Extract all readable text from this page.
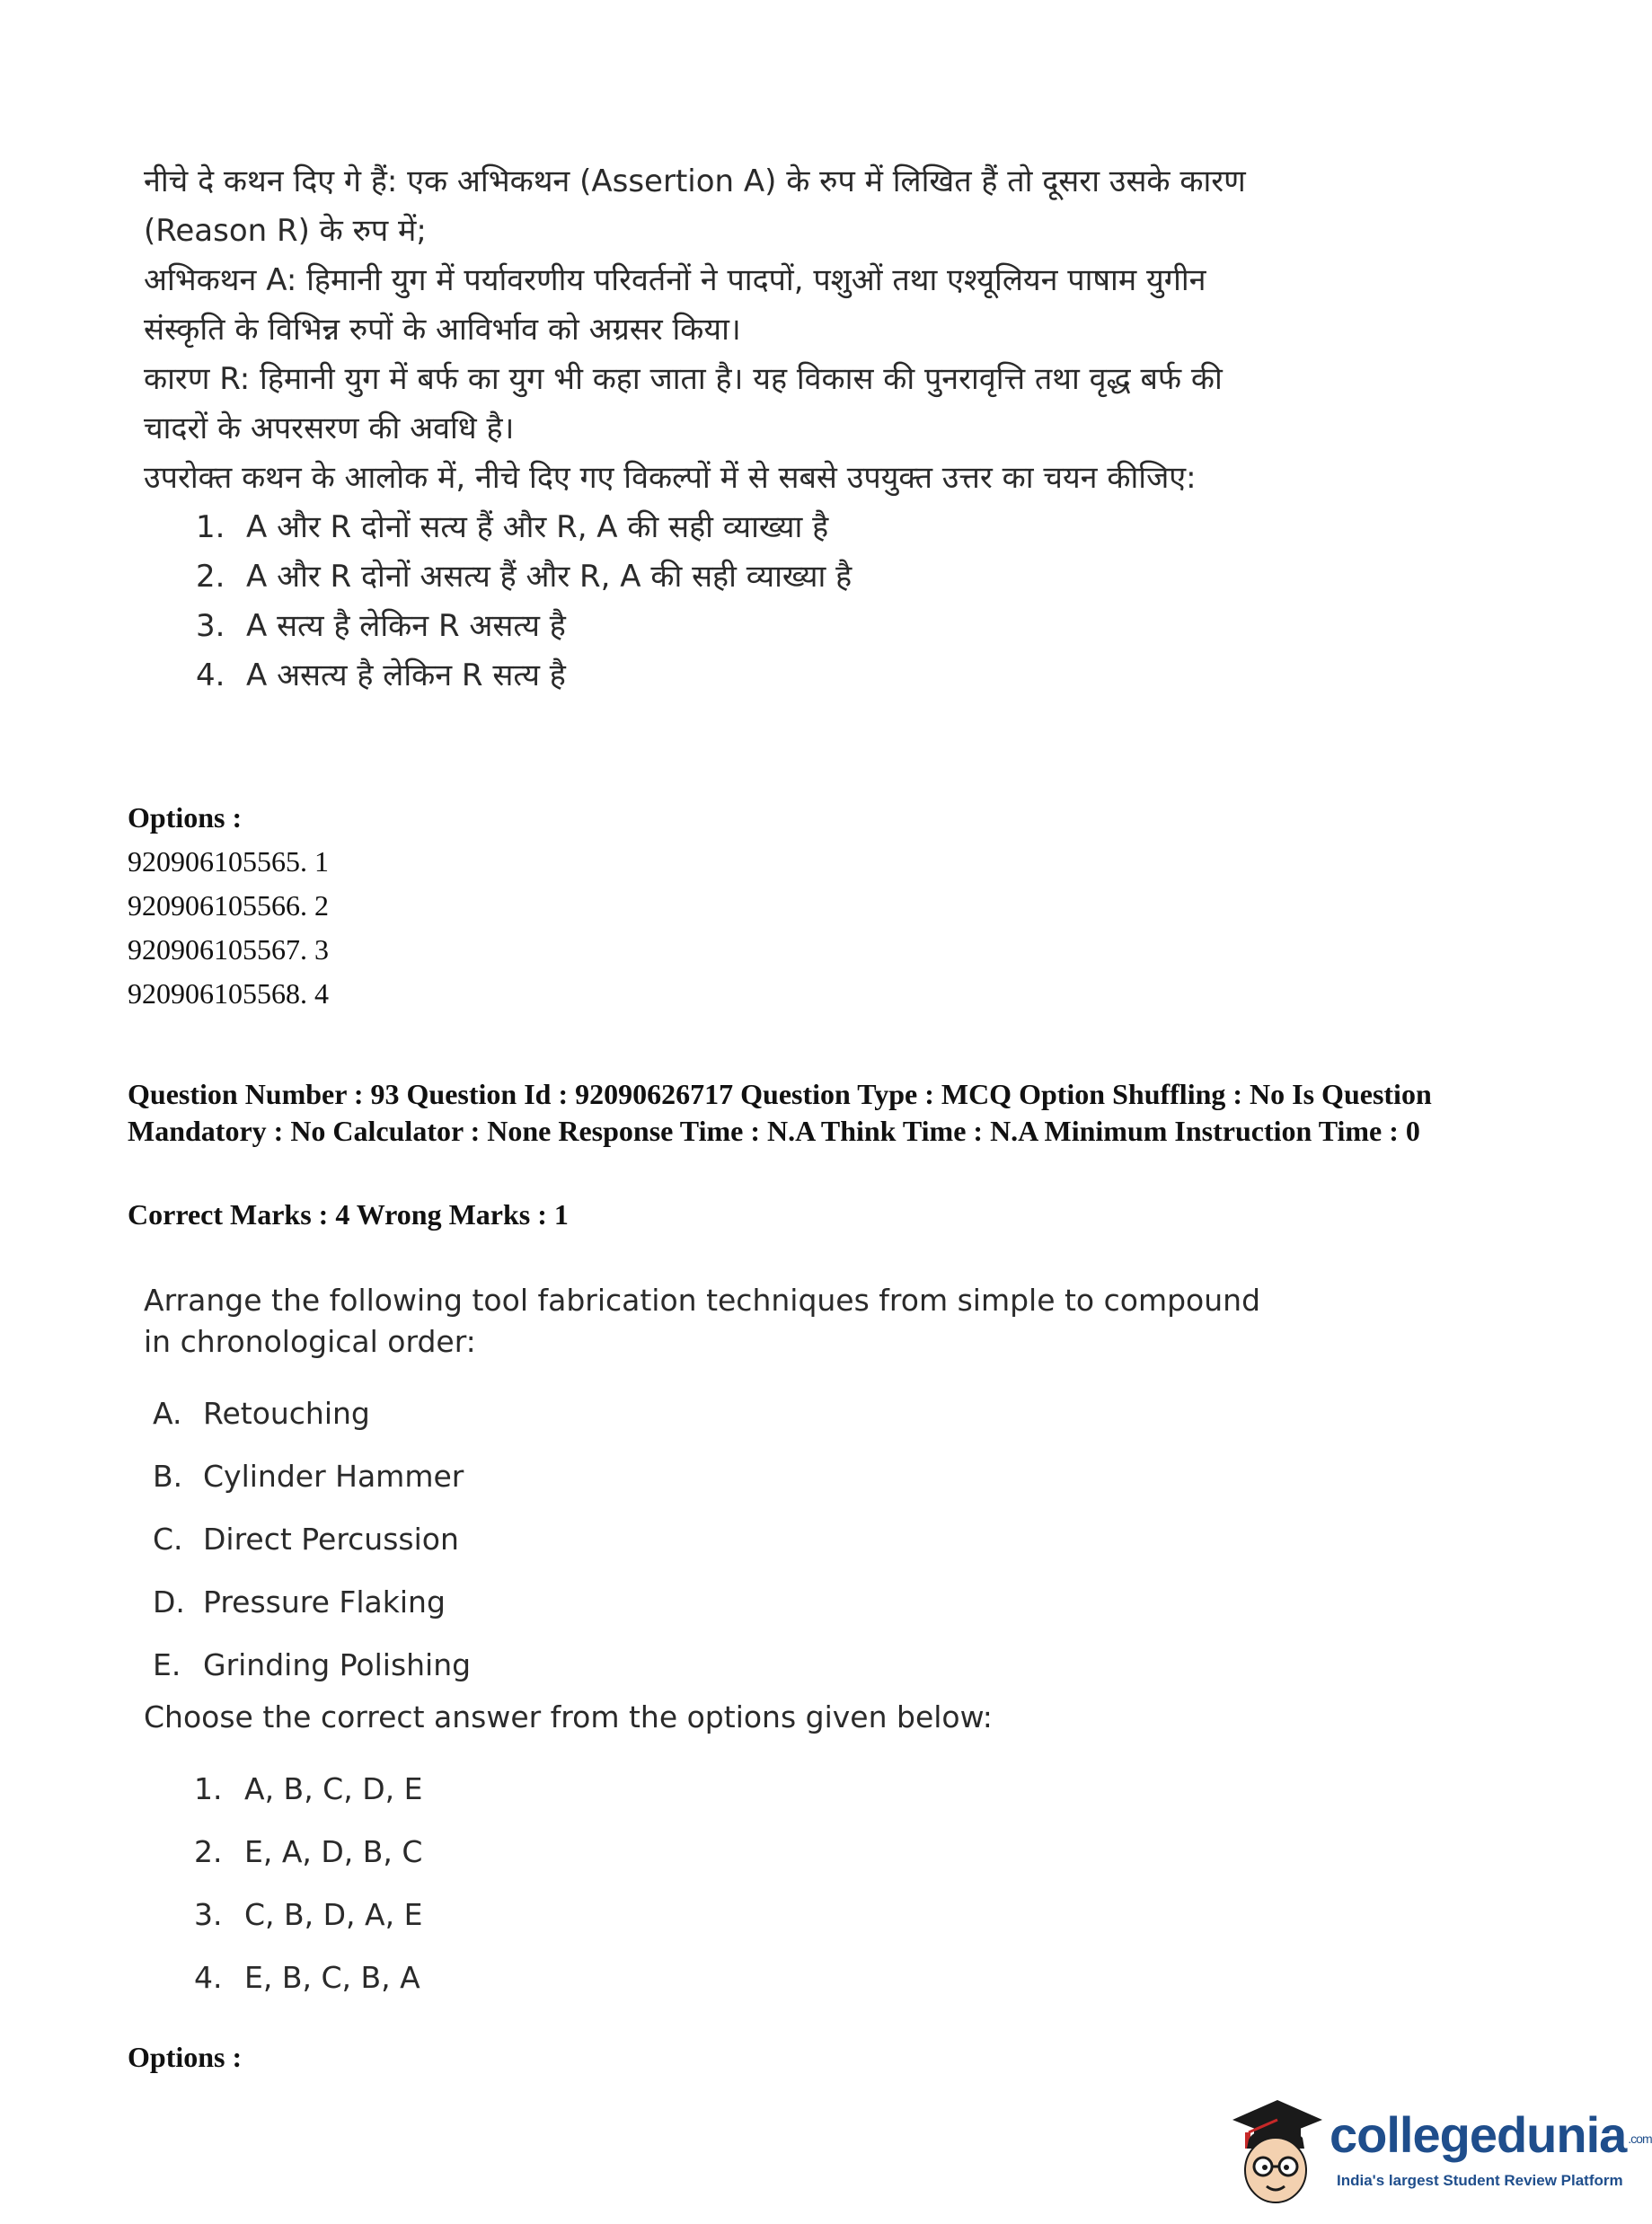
नीचे दे कथन दिए गे हैं: एक अभिकथन (Assertion A) के रुप में लिखित हैं तो दूसरा उसके कारण (Reason R) के रुप में;

अभिकथन A: हिमानी युग में पर्यावरणीय परिवर्तनों ने पादपों, पशुओं तथा एश्यूलियन पाषाम युगीन संस्कृति के विभिन्न रुपों के आविर्भाव को अग्रसर किया।

कारण R: हिमानी युग में बर्फ का युग भी कहा जाता है। यह विकास की पुनरावृत्ति तथा वृद्ध बर्फ की चादरों के अपरसरण की अवधि है।

उपरोक्त कथन के आलोक में, नीचे दिए गए विकल्पों में से सबसे उपयुक्त उत्तर का चयन कीजिए:

1. A और R दोनों सत्य हैं और R, A की सही व्याख्या है
2. A और R दोनों असत्य हैं और R, A की सही व्याख्या है
3. A सत्य है लेकिन R असत्य है
4. A असत्य है लेकिन R सत्य है
Options :
920906105565. 1
920906105566. 2
920906105567. 3
920906105568. 4
Question Number : 93 Question Id : 92090626717 Question Type : MCQ Option Shuffling : No Is Question Mandatory : No Calculator : None Response Time : N.A Think Time : N.A Minimum Instruction Time : 0
Correct Marks : 4 Wrong Marks : 1

Arrange the following tool fabrication techniques from simple to compound in chronological order:

A. Retouching
B. Cylinder Hammer
C. Direct Percussion
D. Pressure Flaking
E. Grinding Polishing

Choose the correct answer from the options given below:

1. A, B, C, D, E
2. E, A, D, B, C
3. C, B, D, A, E
4. E, B, C, B, A
Options :
collegedunia .com
India's largest Student Review Platform
